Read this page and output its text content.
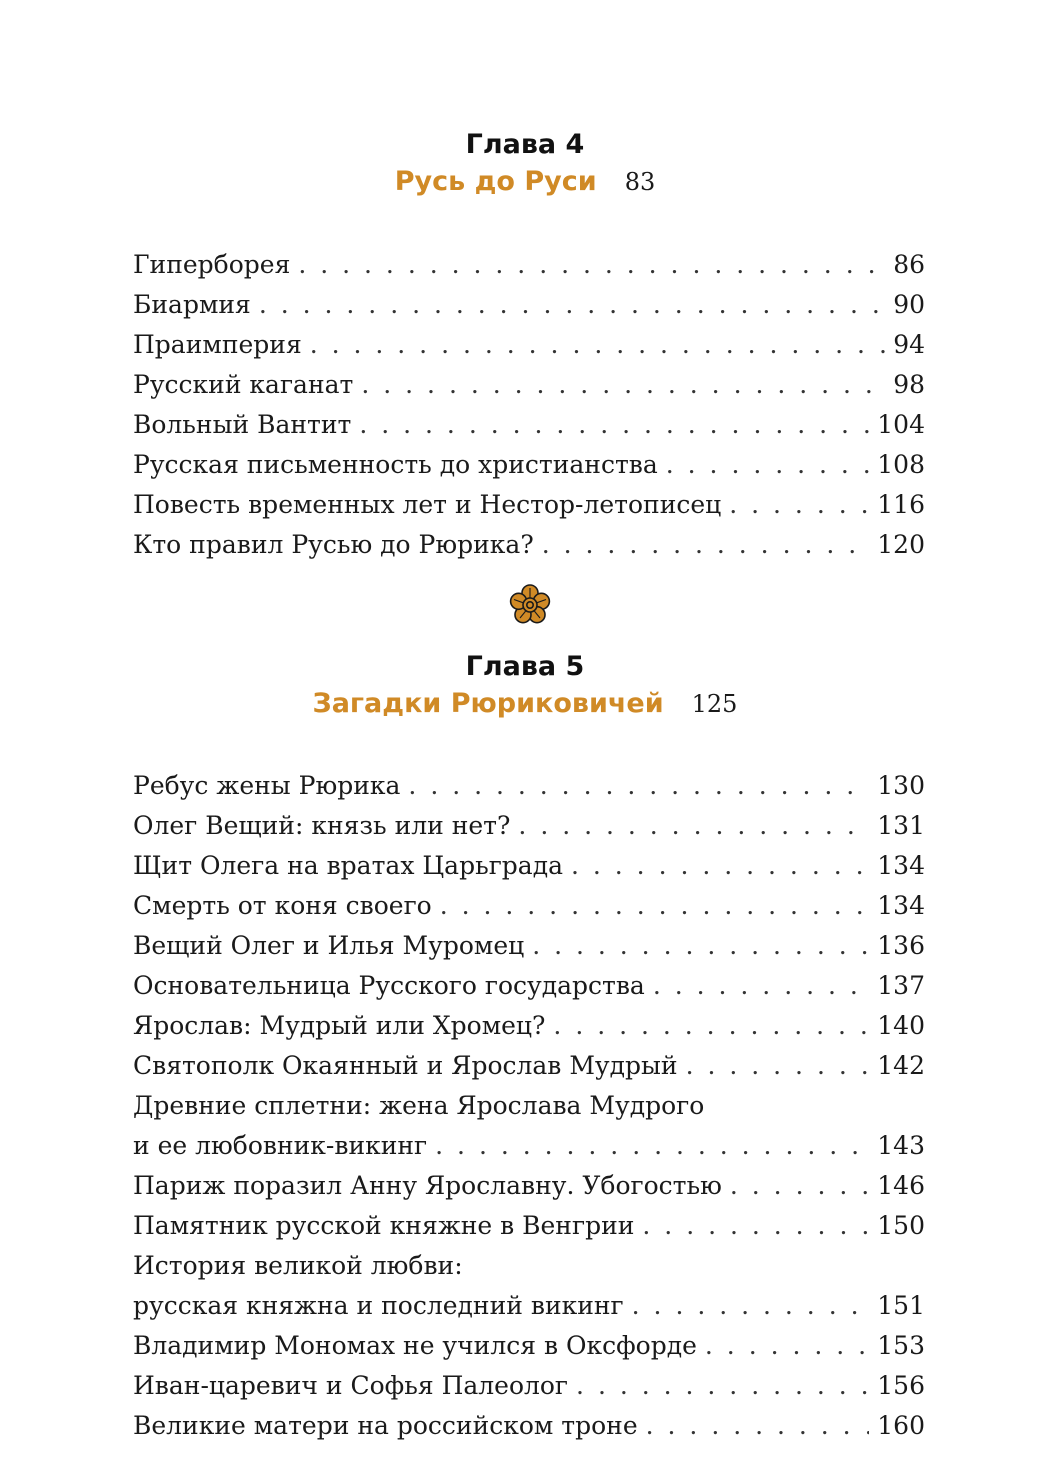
Глава 4
Русь до Руси 83
Гиперборея . . .	86
Биармия . . .	90
Праимперия . . .	94
Русский каганат . . .	98
Вольный Вантит . . .	104
Русская письменность до христианства . . .	108
Повесть временных лет и Нестор-летописец . . .	116
Кто правил Русью до Рюрика? . . .	120
Глава 5
Загадки Рюриковичей 125
Ребус жены Рюрика . . .	130
Олег Вещий: князь или нет? . . .	131
Щит Олега на вратах Царьграда . . .	134
Смерть от коня своего . . .	134
Вещий Олег и Илья Муромец . . .	136
Основательница Русского государства . . .	137
Ярослав: Мудрый или Хромец? . . .	140
Святополк Окаянный и Ярослав Мудрый . . .	142
Древние сплетни: жена Ярослава Мудрого
и ее любовник-викинг . . .	143
Париж поразил Анну Ярославну. Убогостью . . .	146
Памятник русской княжне в Венгрии . . .	150
История великой любви:
русская княжна и последний викинг . . .	151
Владимир Мономах не учился в Оксфорде . . .	153
Иван-царевич и Софья Палеолог . . .	156
Великие матери на российском троне . . .	160
